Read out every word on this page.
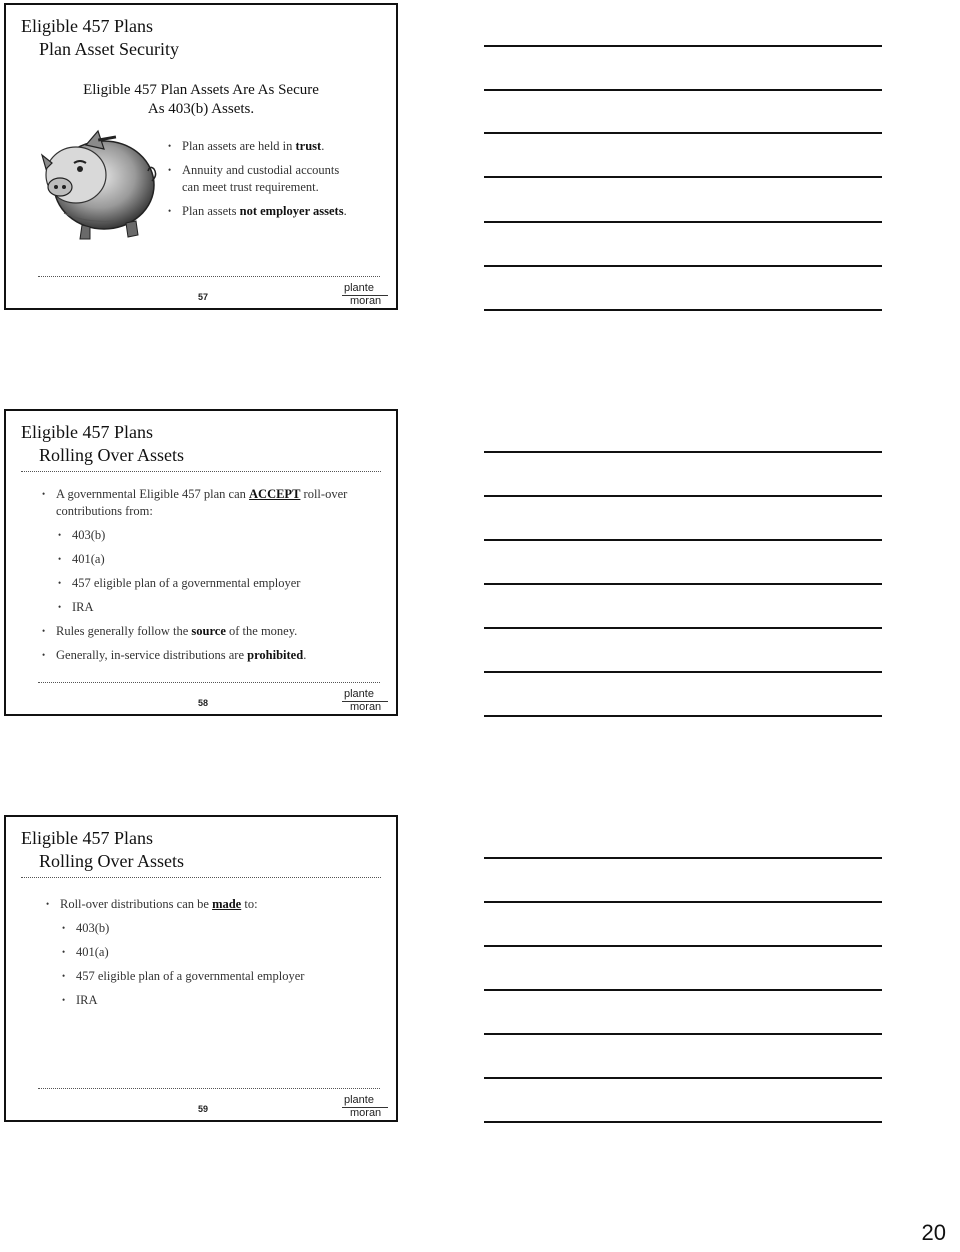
Eligible 457 Plans
Plan Asset Security
Eligible 457 Plan Assets Are As Secure
As 403(b) Assets.
• Plan assets are held in trust.
• Annuity and custodial accounts can meet trust requirement.
• Plan assets not employer assets.
57
plante
moran
Eligible 457 Plans
Rolling Over Assets
• A governmental Eligible 457 plan can ACCEPT roll-over contributions from:
• 403(b)
• 401(a)
• 457 eligible plan of a governmental employer
• IRA
• Rules generally follow the source of the money.
• Generally, in-service distributions are prohibited.
58
plante
moran
Eligible 457 Plans
Rolling Over Assets
• Roll-over distributions can be made to:
• 403(b)
• 401(a)
• 457 eligible plan of a governmental employer
• IRA
59
plante
moran
20
